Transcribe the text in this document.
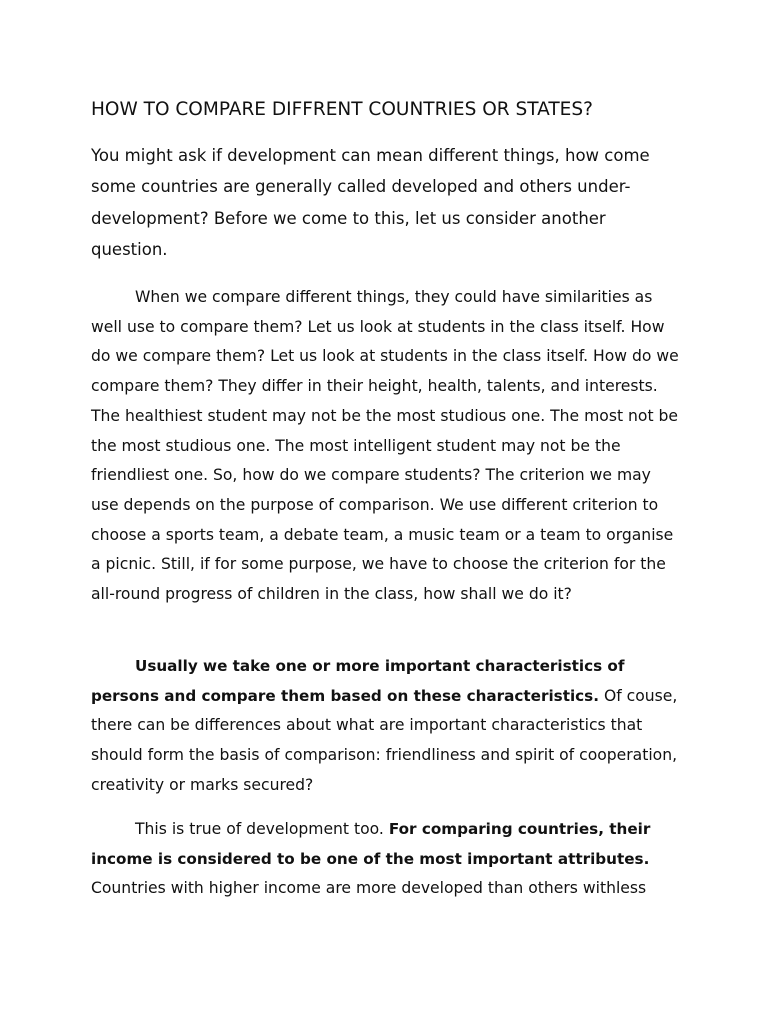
HOW TO COMPARE DIFFRENT COUNTRIES OR STATES?

You might ask if development can mean different things, how come some countries are generally called developed and others under-development? Before we come to this, let us consider another question.

When we compare different things, they could have similarities as well use to compare them? Let us look at students in the class itself. How do we compare them? Let us look at students in the class itself. How do we compare them? They differ in their height, health, talents, and interests. The healthiest student may not be the most studious one. The most not be the most studious one. The most intelligent student may not be the friendliest one. So, how do we compare students? The criterion we may use depends on the purpose of comparison. We use different criterion to choose a sports team, a debate team, a music team or a team to organise a picnic. Still, if for some purpose, we have to choose the criterion for the all-round progress of children in the class, how shall we do it?

Usually we take one or more important characteristics of persons and compare them based on these characteristics. Of couse, there can be differences about what are important characteristics that should form the basis of comparison: friendliness and spirit of cooperation, creativity or marks secured?

This is true of development too. For comparing countries, their income is considered to be one of the most important attributes. Countries with higher income are more developed than others withless
